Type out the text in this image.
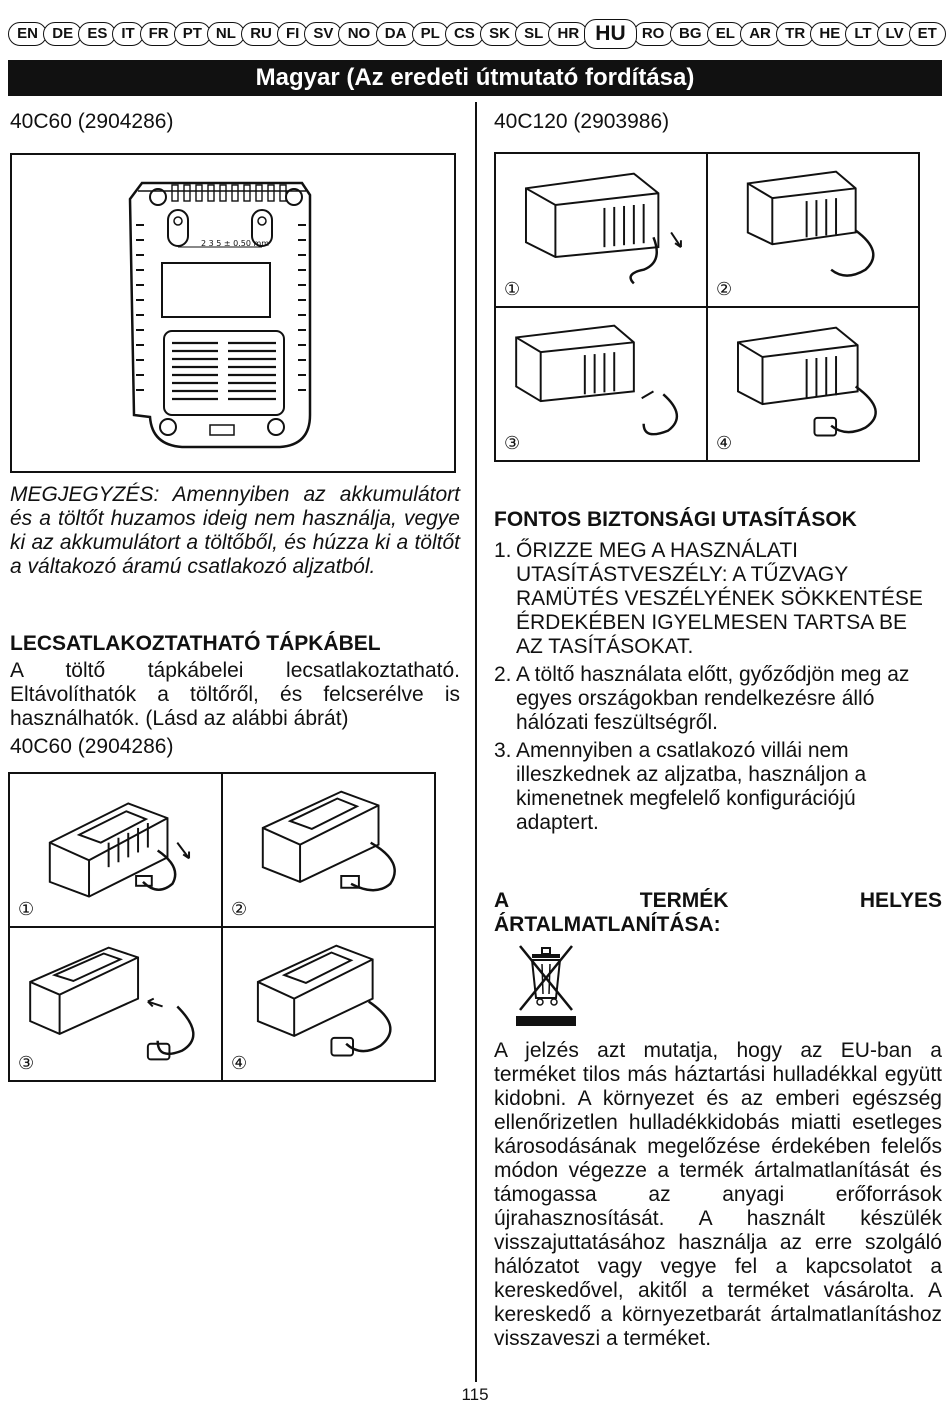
EN DE ES IT FR PT NL RU FI SV NO DA PL CS SK SL HR HU	RO BG EL AR TR HE LT LV ET
Magyar (Az eredeti útmutató fordítása)
40C60 (2904286)
2 3 5 ± 0.50 mm
MEGJEGYZÉS: Amennyiben az akkumulátort és a töltőt huzamos ideig nem használja, vegye ki az akkumulátort a töltőből, és húzza ki a töltőt a váltakozó áramú csatlakozó aljzatból.
LECSATLAKOZTATHATÓ TÁPKÁBEL
A töltő tápkábelei lecsatlakoztatható. Eltávolíthatók a töltőről, és felcserélve is használhatók. (Lásd az alábbi ábrát)
40C60 (2904286)
①	②
③	④
40C120 (2903986)
①	②
③	④
FONTOS BIZTONSÁGI UTASÍTÁSOK
1. ŐRIZZE MEG A HASZNÁLATI UTASÍTÁSTVESZÉLY: A TŰZVAGY RAMÜTÉS VESZÉLYÉNEK SÖKKENTÉSE ÉRDEKÉBEN IGYELMESEN TARTSA BE AZ TASÍTÁSOKAT.
2. A töltő használata előtt, győződjön meg az egyes országokban rendelkezésre álló hálózati feszültségről.
3. Amennyiben a csatlakozó villái nem illeszkednek az aljzatba, használjon a kimenetnek megfelelő konfigurációjú adaptert.
A TERMÉK HELYES
ÁRTALMATLANÍTÁSA:
A jelzés azt mutatja, hogy az EU-ban a terméket tilos más háztartási hulladékkal együtt kidobni. A környezet és az emberi egészség ellenőrizetlen hulladékkidobás miatti esetleges károsodásának megelőzése érdekében felelős módon végezze a termék ártalmatlanítását és támogassa az anyagi erőforrások újrahasznosítását. A használt készülék visszajuttatásához használja az erre szolgáló hálózatot vagy vegye fel a kapcsolatot a kereskedővel, akitől a terméket vásárolta. A kereskedő a környezetbarát ártalmatlanításhoz visszaveszi a terméket.
115
